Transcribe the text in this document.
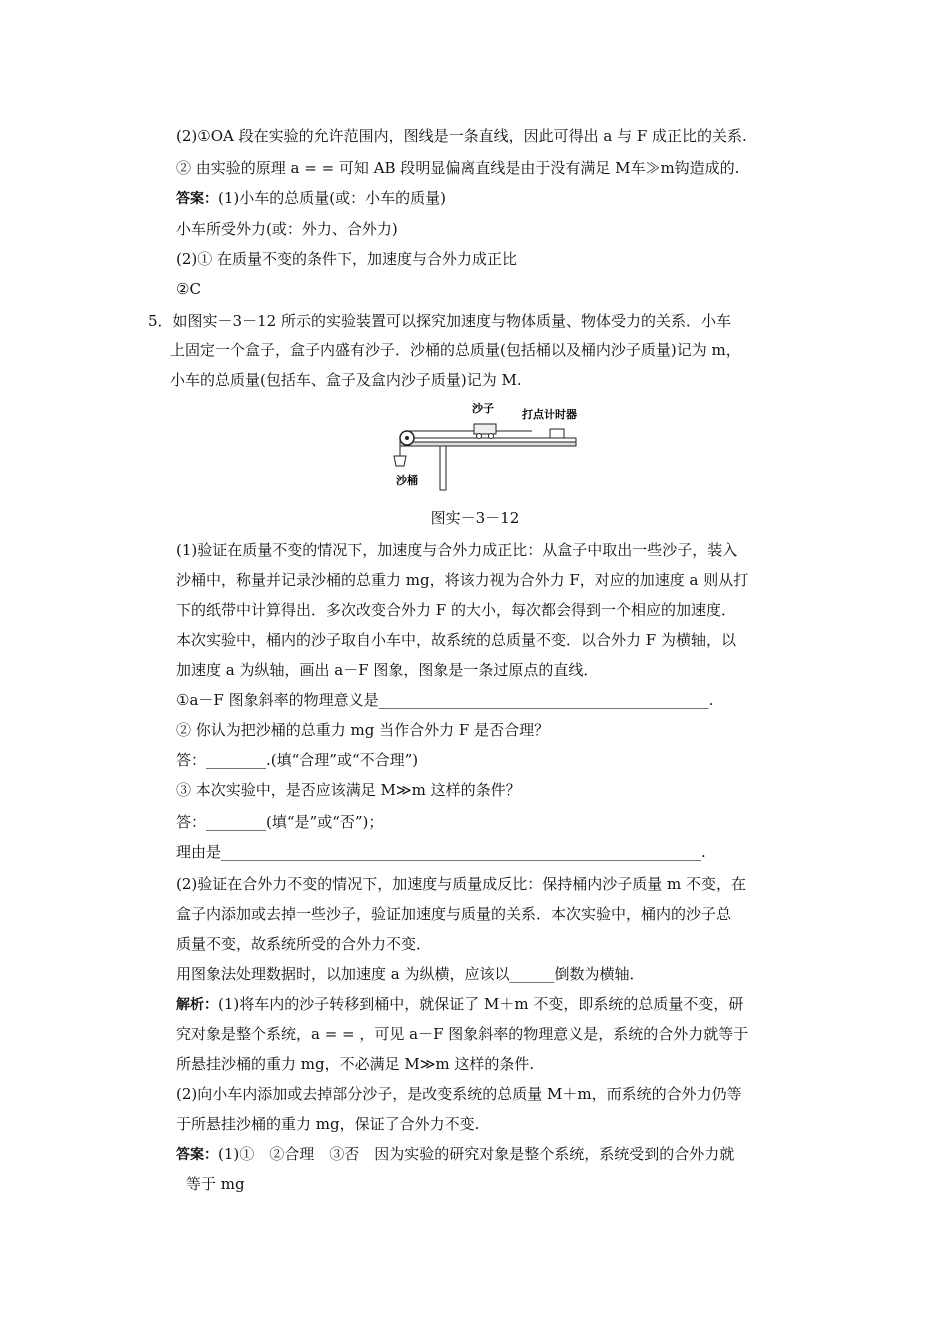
(2)①OA 段在实验的允许范围内，图线是一条直线，因此可得出 a 与 F 成正比的关系.
② 由实验的原理 a = = 可知 AB 段明显偏离直线是由于没有满足 M车≫m钩造成的.
答案：(1)小车的总质量(或：小车的质量)
小车所受外力(或：外力、合外力)
(2)① 在质量不变的条件下，加速度与合外力成正比
②C
5．如图实－3－12 所示的实验装置可以探究加速度与物体质量、物体受力的关系．小车
上固定一个盒子，盒子内盛有沙子．沙桶的总质量(包括桶以及桶内沙子质量)记为 m，
小车的总质量(包括车、盒子及盒内沙子质量)记为 M.
沙子	打点计时器
沙桶
图实－3－12
(1)验证在质量不变的情况下，加速度与合外力成正比：从盒子中取出一些沙子，装入
沙桶中，称量并记录沙桶的总重力 mg，将该力视为合外力 F，对应的加速度 a 则从打
下的纸带中计算得出．多次改变合外力 F 的大小，每次都会得到一个相应的加速度．
本次实验中，桶内的沙子取自小车中，故系统的总质量不变．以合外力 F 为横轴，以
加速度 a 为纵轴，画出 a－F 图象，图象是一条过原点的直线．
①a－F 图象斜率的物理意义是____________________________________________.
② 你认为把沙桶的总重力 mg 当作合外力 F 是否合理？
答：________.(填“合理”或“不合理”)
③ 本次实验中，是否应该满足 M≫m 这样的条件？
答：________(填“是”或“否”)；
理由是________________________________________________________________.
(2)验证在合外力不变的情况下，加速度与质量成反比：保持桶内沙子质量 m 不变，在
盒子内添加或去掉一些沙子，验证加速度与质量的关系．本次实验中，桶内的沙子总
质量不变，故系统所受的合外力不变．
用图象法处理数据时，以加速度 a 为纵横，应该以______倒数为横轴．
解析：(1)将车内的沙子转移到桶中，就保证了 M＋m 不变，即系统的总质量不变，研
究对象是整个系统，a = = ，可见 a－F 图象斜率的物理意义是，系统的合外力就等于
所悬挂沙桶的重力 mg，不必满足 M≫m 这样的条件.
(2)向小车内添加或去掉部分沙子，是改变系统的总质量 M＋m，而系统的合外力仍等
于所悬挂沙桶的重力 mg，保证了合外力不变.
答案：(1)①　②合理　③否　因为实验的研究对象是整个系统，系统受到的合外力就
等于 mg
